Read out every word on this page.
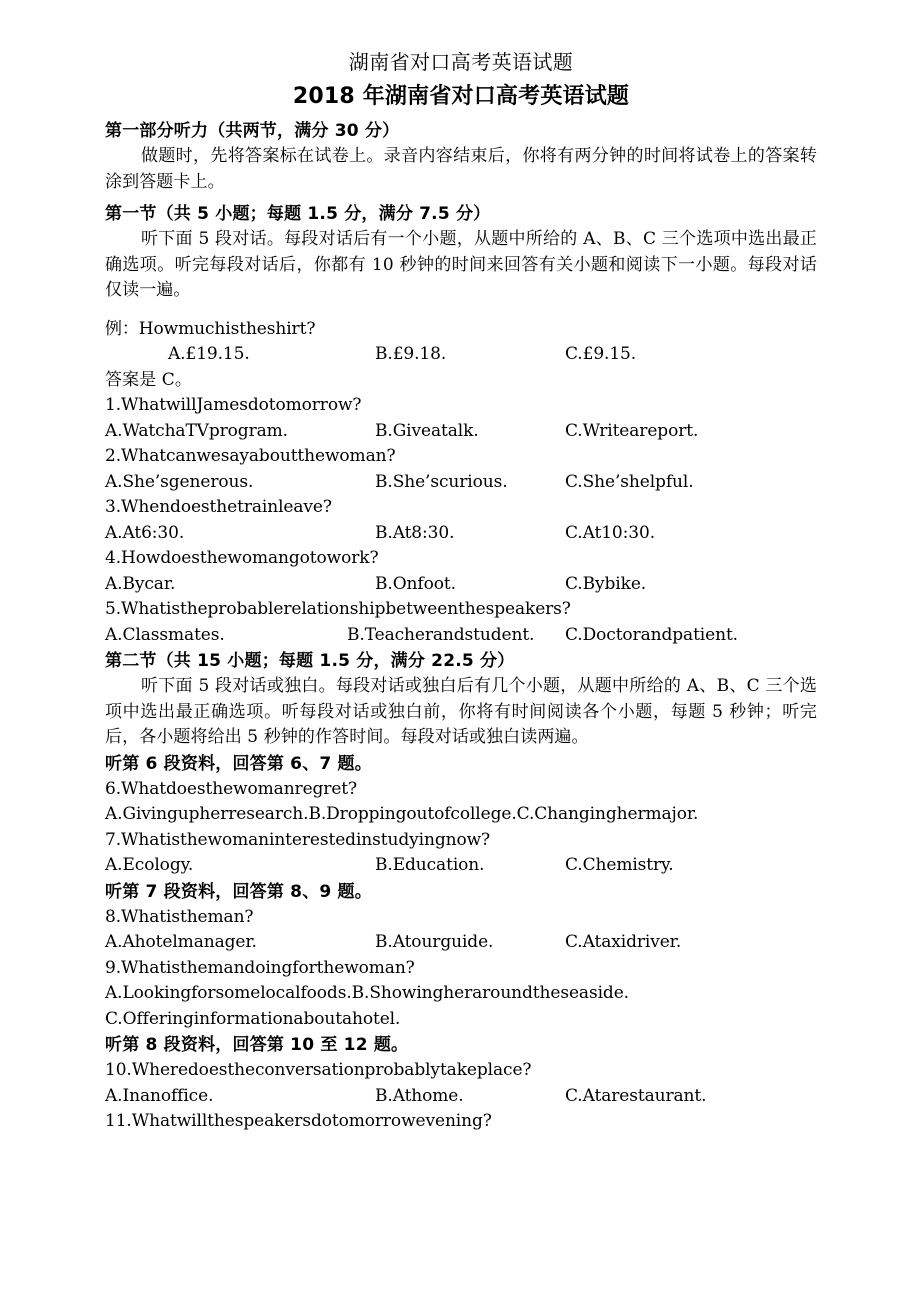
湖南省对口高考英语试题
2018 年湖南省对口高考英语试题
第一部分听力（共两节，满分 30 分）
做题时，先将答案标在试卷上。录音内容结束后，你将有两分钟的时间将试卷上的答案转涂到答题卡上。
第一节（共 5 小题；每题 1.5 分，满分 7.5 分）
听下面 5 段对话。每段对话后有一个小题，从题中所给的 A、B、C 三个选项中选出最正确选项。听完每段对话后，你都有 10 秒钟的时间来回答有关小题和阅读下一小题。每段对话仅读一遍。
例：Howmuchistheshirt?
A.£19.15.	B.£9.18.	C.£9.15.
答案是 C。
1.WhatwillJamesdotomorrow?
A.WatchaTVprogram.	B.Giveatalk.	C.Writeareport.
2.Whatcanwesayaboutthewoman?
A.She’sgenerous.	B.She’scurious.	C.She’shelpful.
3.Whendoesthetrainleave?
A.At6:30.	B.At8:30.	C.At10:30.
4.Howdoesthewomangotowork?
A.Bycar.	B.Onfoot.	C.Bybike.
5.Whatistheprobablerelationshipbetweenthespeakers?
A.Classmates.	B.Teacherandstudent. C.Doctorandpatient.
第二节（共 15 小题；每题 1.5 分，满分 22.5 分）
听下面 5 段对话或独白。每段对话或独白后有几个小题，从题中所给的 A、B、C 三个选项中选出最正确选项。听每段对话或独白前，你将有时间阅读各个小题，每题 5 秒钟；听完后，各小题将给出 5 秒钟的作答时间。每段对话或独白读两遍。
听第 6 段资料，回答第 6、7 题。
6.Whatdoesthewomanregret?
A.Givingupherresearch.B.Droppingoutofcollege.C.Changinghermajor.
7.Whatisthewomaninterestedinstudyingnow?
A.Ecology.	B.Education.	C.Chemistry.
听第 7 段资料，回答第 8、9 题。
8.Whatistheman?
A.Ahotelmanager.	B.Atourguide.	C.Ataxidriver.
9.Whatisthemandoingforthewoman?
A.Lookingforsomelocalfoods.B.Showingheraroundtheseaside.
C.Offeringinformationaboutahotel.
听第 8 段资料，回答第 10 至 12 题。
10.Wheredoestheconversationprobablytakeplace?
A.Inanoffice.	B.Athome.	C.Atarestaurant.
11.Whatwillthespeakersdotomorrowevening?
